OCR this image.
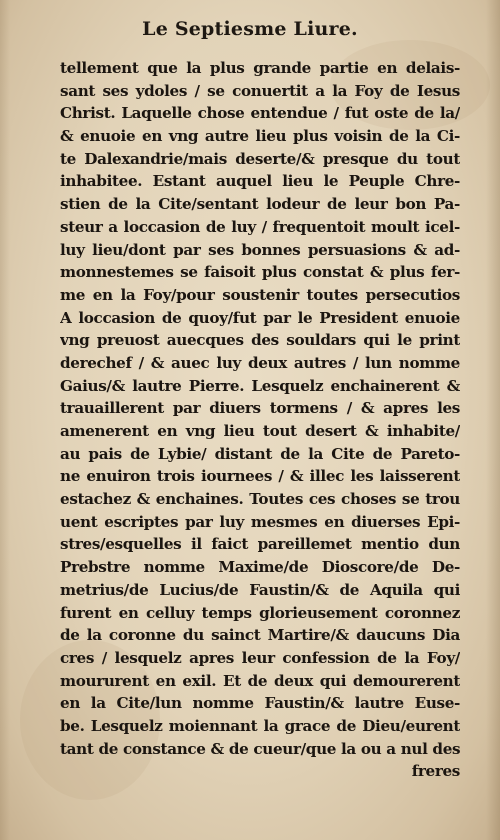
Le Septiesme Liure.
tellement que la plus grande partie en delais-
sant ses ydoles / se conuertit a la Foy de Iesus
Christ. Laquelle chose entendue / fut oste de la/
& enuoie en vng autre lieu plus voisin de la Ci-
te Dalexandrie/mais deserte/& presque du tout
inhabitee. Estant auquel lieu le Peuple Chre-
stien de la Cite/sentant lodeur de leur bon Pa-
steur a loccasion de luy / frequentoit moult icel-
luy lieu/dont par ses bonnes persuasions & ad-
monnestemes se faisoit plus constat & plus fer-
me en la Foy/pour soustenir toutes persecutios
A loccasion de quoy/fut par le President enuoie
vng preuost auecques des souldars qui le print
derechef / & auec luy deux autres / lun nomme
Gaius/& lautre Pierre. Lesquelz enchainerent &
trauaillerent par diuers tormens / & apres les
amenerent en vng lieu tout desert & inhabite/
au pais de Lybie/ distant de la Cite de Pareto-
ne enuiron trois iournees / & illec les laisserent
estachez & enchaines. Toutes ces choses se trou
uent escriptes par luy mesmes en diuerses Epi-
stres/esquelles il faict pareillemet mentio dun
Prebstre nomme Maxime/de Dioscore/de De-
metrius/de Lucius/de Faustin/& de Aquila qui
furent en celluy temps glorieusement coronnez
de la coronne du sainct Martire/& daucuns Dia
cres / lesquelz apres leur confession de la Foy/
moururent en exil. Et de deux qui demourerent
en la Cite/lun nomme Faustin/& lautre Euse-
be. Lesquelz moiennant la grace de Dieu/eurent
tant de constance & de cueur/que la ou a nul des
freres
